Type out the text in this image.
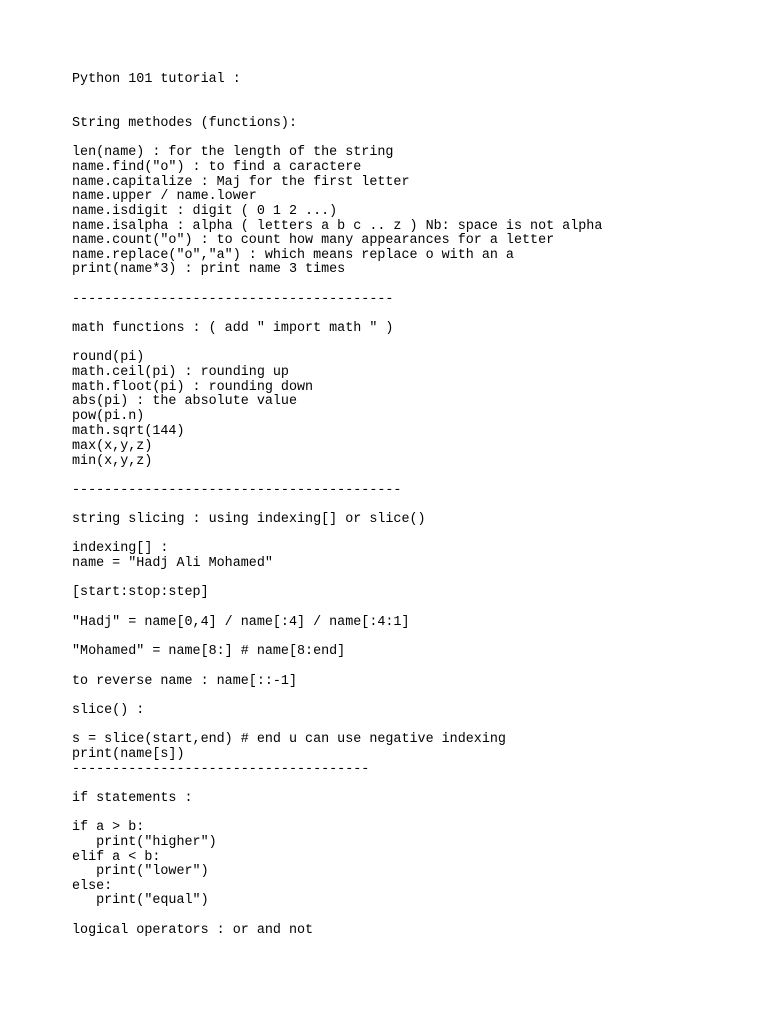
Python 101 tutorial :

String methodes (functions):

len(name) : for the length of the string

name.find("o") : to find a caractere

name.capitalize : Maj for the first letter

name.upper / name.lower

name.isdigit : digit ( 0 1 2 ...)

name.isalpha : alpha ( letters a b c .. z ) Nb: space is not alpha

name.count("o") : to count how many appearances for a letter

name.replace("o","a") : which means replace o with an a

print(name*3) : print name 3 times

----------------------------------------

math functions : ( add " import math " )

round(pi)

math.ceil(pi) : rounding up

math.floot(pi) : rounding down

abs(pi) : the absolute value

pow(pi.n)

math.sqrt(144)

max(x,y,z)

min(x,y,z)

-----------------------------------------

string slicing : using indexing[] or slice()

indexing[] :

name = "Hadj Ali Mohamed"

[start:stop:step]

"Hadj" = name[0,4] / name[:4] / name[:4:1]

"Mohamed" = name[8:] # name[8:end]

to reverse name : name[::-1]

slice() :

s = slice(start,end) # end u can use negative indexing

print(name[s])

-------------------------------------

if statements :

if a > b:

print("higher")

elif a < b:

print("lower")

else:

print("equal")

logical operators : or and not
